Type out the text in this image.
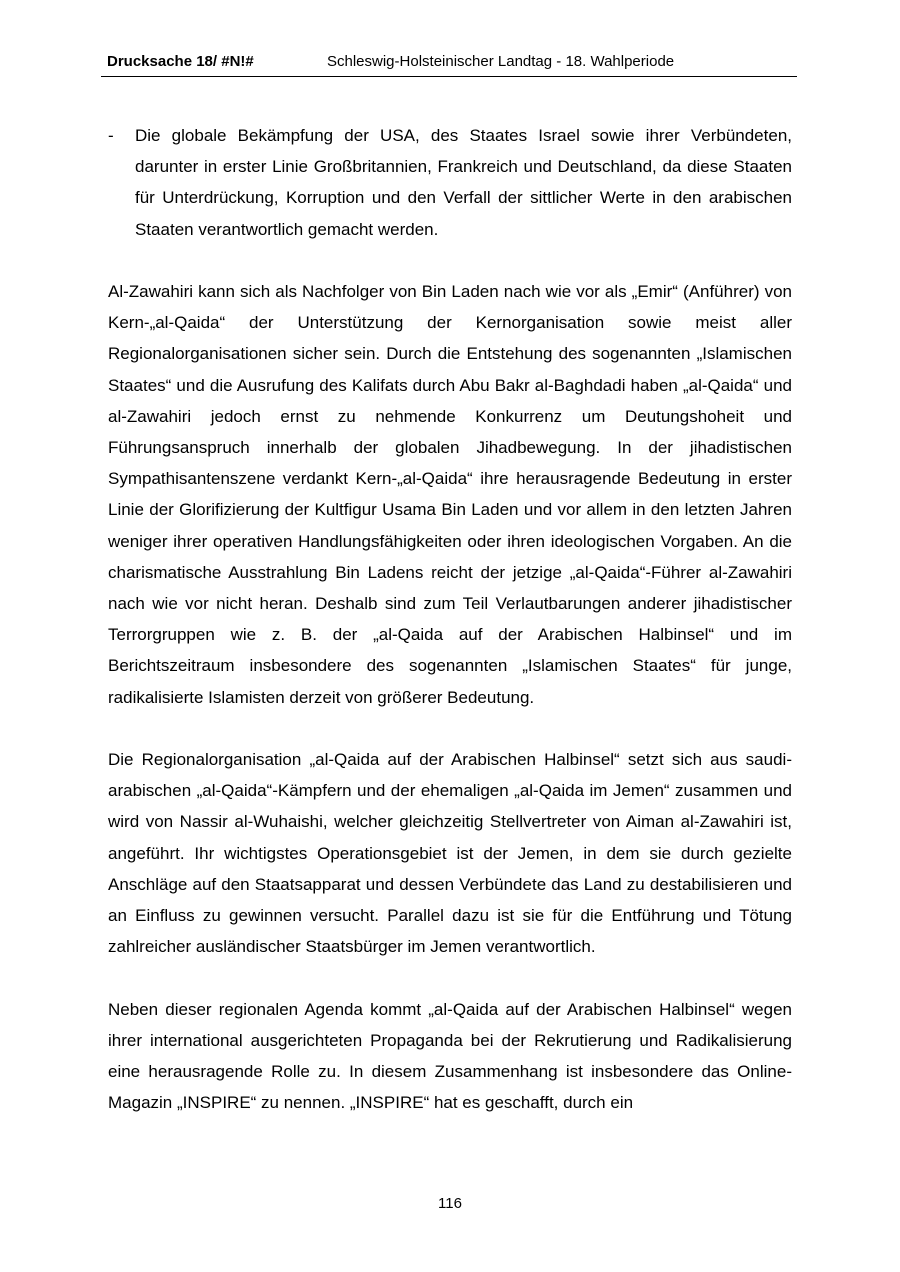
Drucksache 18/ #N!#	Schleswig-Holsteinischer Landtag - 18. Wahlperiode
- Die globale Bekämpfung der USA, des Staates Israel sowie ihrer Verbündeten, darunter in erster Linie Großbritannien, Frankreich und Deutschland, da diese Staaten für Unterdrückung, Korruption und den Verfall der sittlicher Werte in den arabischen Staaten verantwortlich gemacht werden.

Al-Zawahiri kann sich als Nachfolger von Bin Laden nach wie vor als „Emir“ (Anführer) von Kern-„al-Qaida“ der Unterstützung der Kernorganisation sowie meist aller Regionalorganisationen sicher sein. Durch die Entstehung des sogenannten „Islamischen Staates“ und die Ausrufung des Kalifats durch Abu Bakr al-Baghdadi haben „al-Qaida“ und al-Zawahiri jedoch ernst zu nehmende Konkurrenz um Deutungshoheit und Führungsanspruch innerhalb der globalen Jihadbewegung. In der jihadistischen Sympathisantenszene verdankt Kern-„al-Qaida“ ihre herausragende Bedeutung in erster Linie der Glorifizierung der Kultfigur Usama Bin Laden und vor allem in den letzten Jahren weniger ihrer operativen Handlungsfähigkeiten oder ihren ideologischen Vorgaben. An die charismatische Ausstrahlung Bin Ladens reicht der jetzige „al-Qaida“-Führer al-Zawahiri nach wie vor nicht heran. Deshalb sind zum Teil Verlautbarungen anderer jihadistischer Terrorgruppen wie z. B. der „al-Qaida auf der Arabischen Halbinsel“ und im Berichtszeitraum insbesondere des sogenannten „Islamischen Staates“ für junge, radikalisierte Islamisten derzeit von größerer Bedeutung.

Die Regionalorganisation „al-Qaida auf der Arabischen Halbinsel“ setzt sich aus saudi-arabischen „al-Qaida“-Kämpfern und der ehemaligen „al-Qaida im Jemen“ zusammen und wird von Nassir al-Wuhaishi, welcher gleichzeitig Stellvertreter von Aiman al-Zawahiri ist, angeführt. Ihr wichtigstes Operationsgebiet ist der Jemen, in dem sie durch gezielte Anschläge auf den Staatsapparat und dessen Verbündete das Land zu destabilisieren und an Einfluss zu gewinnen versucht. Parallel dazu ist sie für die Entführung und Tötung zahlreicher ausländischer Staatsbürger im Jemen verantwortlich.

Neben dieser regionalen Agenda kommt „al-Qaida auf der Arabischen Halbinsel“ wegen ihrer international ausgerichteten Propaganda bei der Rekrutierung und Radikalisierung eine herausragende Rolle zu. In diesem Zusammenhang ist insbesondere das Online-Magazin „INSPIRE“ zu nennen. „INSPIRE“ hat es geschafft, durch ein

116
